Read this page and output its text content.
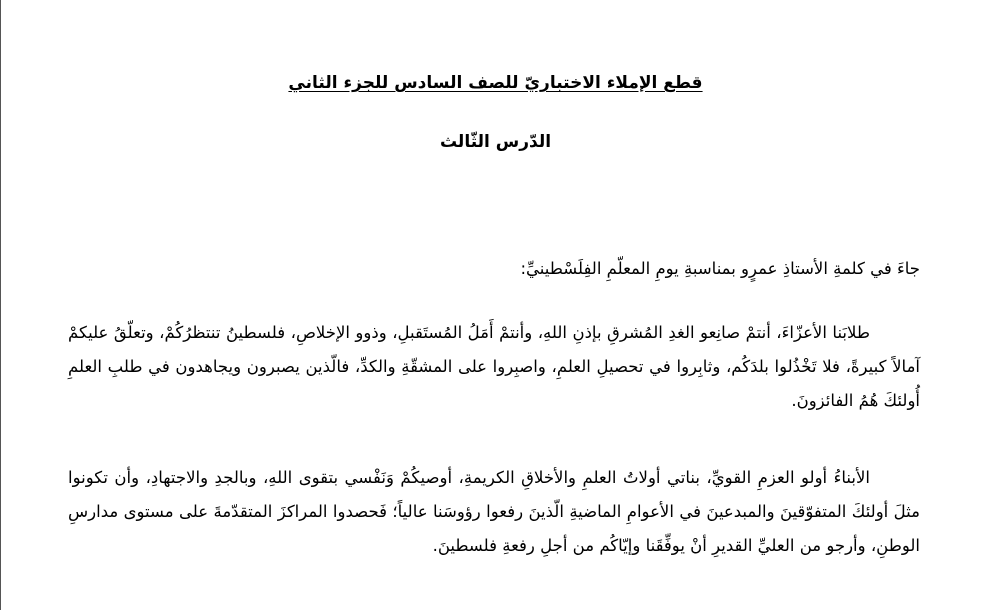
قطع الإملاء الاختباريّ للصف السادس للجزء الثاني
الدّرس الثّالث
جاءَ في كلمةِ الأستاذِ عمرٍو بمناسبةِ يومِ المعلّمِ الفِلَسْطينيِّ:
طلابَنا الأعزّاءَ، أنتمْ صانِعو الغدِ المُشرقِ بإذنِ اللهِ، وأنتمْ أَمَلُ المُستَقبلِ، وذوو الإخلاصِ، فلسطينُ تنتظرُكُمْ، وتعلّقُ عليكمْ آمالاً كبيرةً، فلا تَخْذُلوا بلدَكُم، وثابِروا في تحصيلِ العلمِ، واصبِروا على المشقّةِ والكدِّ، فالّذين يصبرون ويجاهدون في طلبِ العلمِ أُولئكَ هُمُ الفائزونَ.
الأبناءُ أولو العزمِ القويِّ، بناتي أولاتُ العلمِ والأخلاقِ الكريمةِ، أوصيكُمْ وَنَفْسي بتقوى اللهِ، وبالجدِ والاجتهادِ، وأن تكونوا مثلَ أولئكَ المتفوّقينَ والمبدعينَ في الأعوامِ الماضيةِ الّذينَ رفعوا رؤوسَنا عالياً؛ فَحصدوا المراكزَ المتقدّمةَ على مستوى مدارسِ الوطنِ، وأرجو من العليِّ القديرِ أنْ يوفِّقَنا وإيّاكُم من أجلِ رفعةِ فلسطينَ.
